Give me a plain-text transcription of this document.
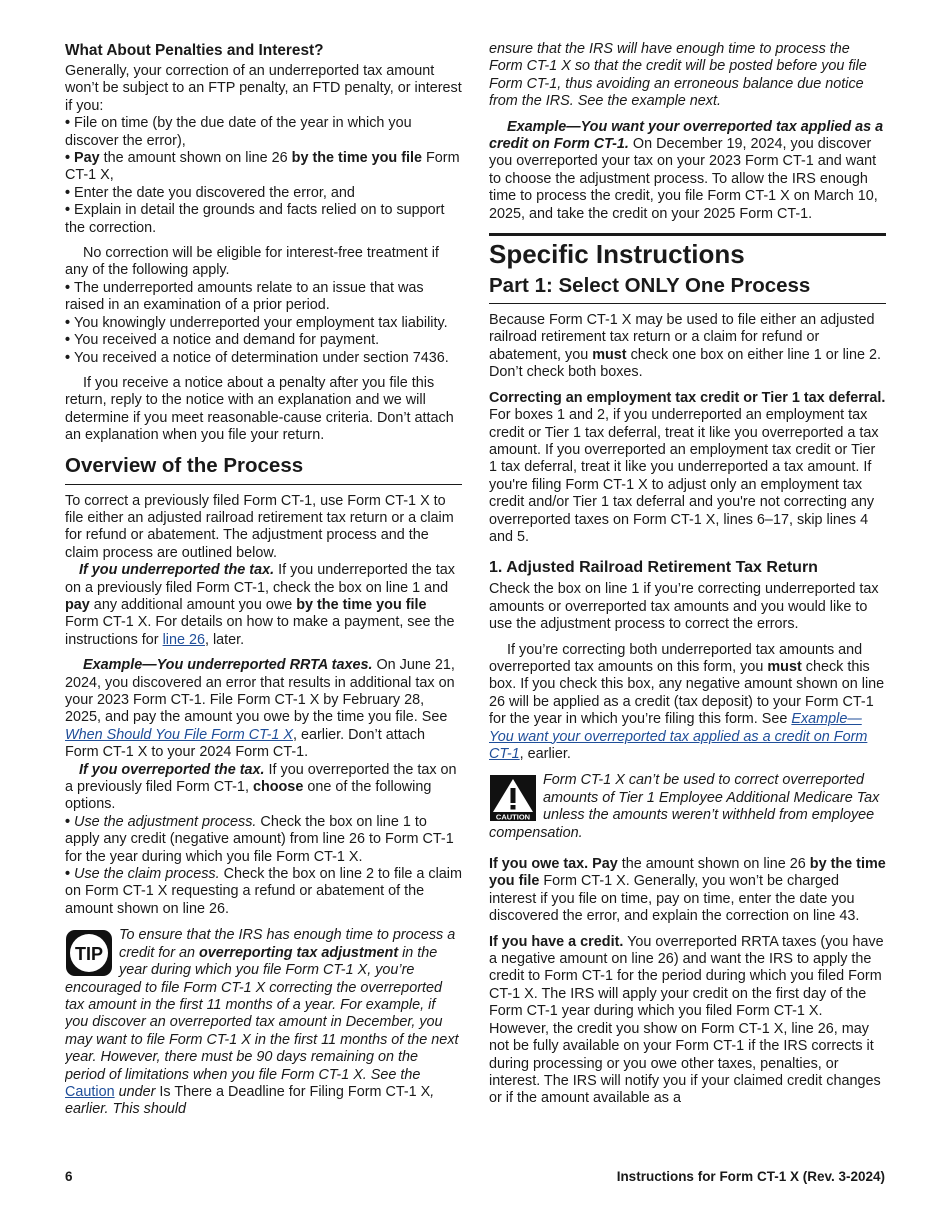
What About Penalties and Interest?

Generally, your correction of an underreported tax amount won’t be subject to an FTP penalty, an FTD penalty, or interest if you:

• File on time (by the due date of the year in which you discover the error),

• Pay the amount shown on line 26 by the time you file Form CT-1 X,

• Enter the date you discovered the error, and

• Explain in detail the grounds and facts relied on to support the correction.

No correction will be eligible for interest-free treatment if any of the following apply.

• The underreported amounts relate to an issue that was raised in an examination of a prior period.

• You knowingly underreported your employment tax liability.

• You received a notice and demand for payment.

• You received a notice of determination under section 7436.

If you receive a notice about a penalty after you file this return, reply to the notice with an explanation and we will determine if you meet reasonable-cause criteria. Don’t attach an explanation when you file your return.

Overview of the Process

To correct a previously filed Form CT-1, use Form CT-1 X to file either an adjusted railroad retirement tax return or a claim for refund or abatement. The adjustment process and the claim process are outlined below.

If you underreported the tax. If you underreported the tax on a previously filed Form CT-1, check the box on line 1 and pay any additional amount you owe by the time you file Form CT-1 X. For details on how to make a payment, see the instructions for line 26, later.

Example—You underreported RRTA taxes. On June 21, 2024, you discovered an error that results in additional tax on your 2023 Form CT-1. File Form CT-1 X by February 28, 2025, and pay the amount you owe by the time you file. See When Should You File Form CT-1 X, earlier. Don’t attach Form CT-1 X to your 2024 Form CT-1.

If you overreported the tax. If you overreported the tax on a previously filed Form CT-1, choose one of the following options.

• Use the adjustment process. Check the box on line 1 to apply any credit (negative amount) from line 26 to Form CT-1 for the year during which you file Form CT-1 X.

• Use the claim process. Check the box on line 2 to file a claim on Form CT-1 X requesting a refund or abatement of the amount shown on line 26.

TIP
To ensure that the IRS has enough time to process a credit for an overreporting tax adjustment in the year during which you file Form CT-1 X, you’re encouraged to file Form CT-1 X correcting the overreported tax amount in the first 11 months of a year. For example, if you discover an overreported tax amount in December, you may want to file Form CT-1 X in the first 11 months of the next year. However, there must be 90 days remaining on the period of limitations when you file Form CT-1 X. See the Caution under Is There a Deadline for Filing Form CT-1 X, earlier. This should

ensure that the IRS will have enough time to process the Form CT-1 X so that the credit will be posted before you file Form CT-1, thus avoiding an erroneous balance due notice from the IRS. See the example next.

Example—You want your overreported tax applied as a credit on Form CT-1. On December 19, 2024, you discover you overreported your tax on your 2023 Form CT-1 and want to choose the adjustment process. To allow the IRS enough time to process the credit, you file Form CT-1 X on March 10, 2025, and take the credit on your 2025 Form CT-1.

Specific Instructions
Part 1: Select ONLY One Process

Because Form CT-1 X may be used to file either an adjusted railroad retirement tax return or a claim for refund or abatement, you must check one box on either line 1 or line 2. Don’t check both boxes.

Correcting an employment tax credit or Tier 1 tax deferral. For boxes 1 and 2, if you underreported an employment tax credit or Tier 1 tax deferral, treat it like you overreported a tax amount. If you overreported an employment tax credit or Tier 1 tax deferral, treat it like you underreported a tax amount. If you're filing Form CT-1 X to adjust only an employment tax credit and/or Tier 1 tax deferral and you're not correcting any overreported taxes on Form CT-1 X, lines 6–17, skip lines 4 and 5.

1. Adjusted Railroad Retirement Tax Return

Check the box on line 1 if you’re correcting underreported tax amounts or overreported tax amounts and you would like to use the adjustment process to correct the errors.

If you’re correcting both underreported tax amounts and overreported tax amounts on this form, you must check this box. If you check this box, any negative amount shown on line 26 will be applied as a credit (tax deposit) to your Form CT-1 for the year in which you’re filing this form. See Example—You want your overreported tax applied as a credit on Form CT-1, earlier.

CAUTION
Form CT-1 X can’t be used to correct overreported amounts of Tier 1 Employee Additional Medicare Tax unless the amounts weren’t withheld from employee compensation.

If you owe tax. Pay the amount shown on line 26 by the time you file Form CT-1 X. Generally, you won’t be charged interest if you file on time, pay on time, enter the date you discovered the error, and explain the correction on line 43.

If you have a credit. You overreported RRTA taxes (you have a negative amount on line 26) and want the IRS to apply the credit to Form CT-1 for the period during which you filed Form CT-1 X. The IRS will apply your credit on the first day of the Form CT-1 year during which you filed Form CT-1 X. However, the credit you show on Form CT-1 X, line 26, may not be fully available on your Form CT-1 if the IRS corrects it during processing or you owe other taxes, penalties, or interest. The IRS will notify you if your claimed credit changes or if the amount available as a

6	Instructions for Form CT-1 X (Rev. 3-2024)
